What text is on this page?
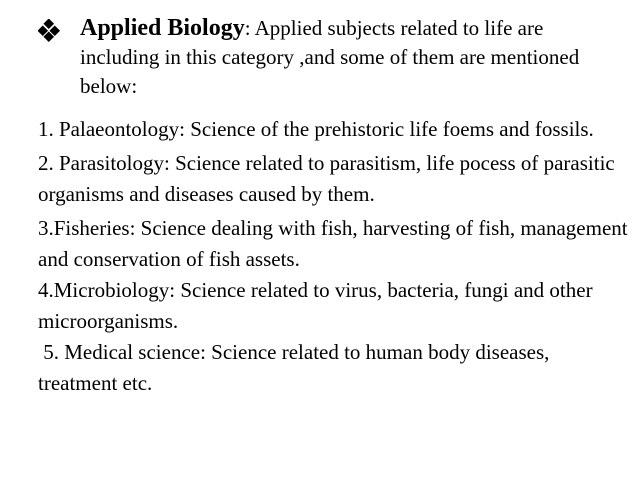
Applied Biology: Applied subjects related to life are including in this category ,and some of them are mentioned below:
1. Palaeontology: Science of the prehistoric life foems and fossils.
2. Parasitology: Science related to parasitism, life pocess of parasitic organisms and diseases caused by them.
3.Fisheries: Science dealing with fish, harvesting of fish, management and conservation of fish assets.
4.Microbiology: Science related to virus, bacteria, fungi and other microorganisms.
5. Medical science: Science related to human body diseases, treatment etc.
